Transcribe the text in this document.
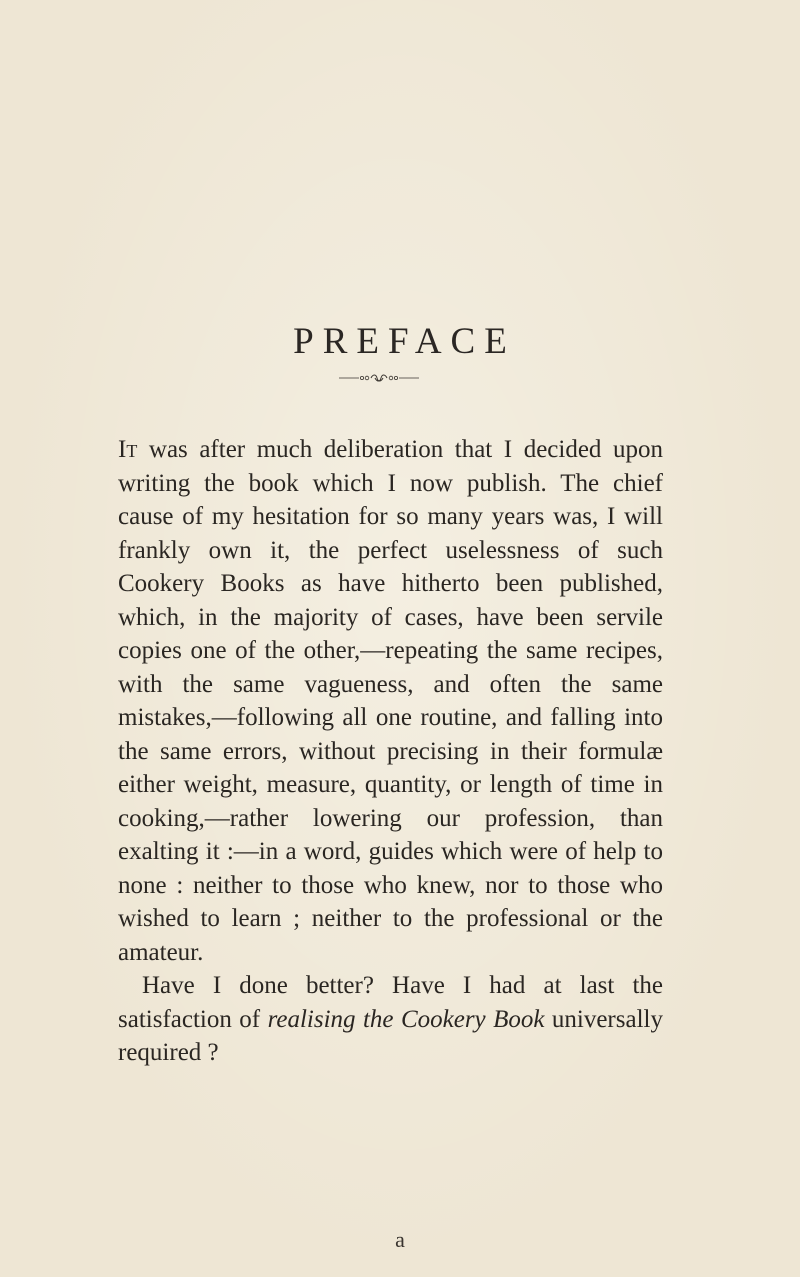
PREFACE

It was after much deliberation that I decided upon writing the book which I now publish. The chief cause of my hesitation for so many years was, I will frankly own it, the perfect uselessness of such Cookery Books as have hitherto been published, which, in the majority of cases, have been servile copies one of the other,—repeating the same recipes, with the same vagueness, and often the same mistakes,—following all one routine, and falling into the same errors, without precising in their formulæ either weight, measure, quantity, or length of time in cooking,—rather lowering our profession, than exalting it :—in a word, guides which were of help to none : neither to those who knew, nor to those who wished to learn ; neither to the professional or the amateur.

Have I done better? Have I had at last the satisfaction of realising the Cookery Book universally required ?

a
